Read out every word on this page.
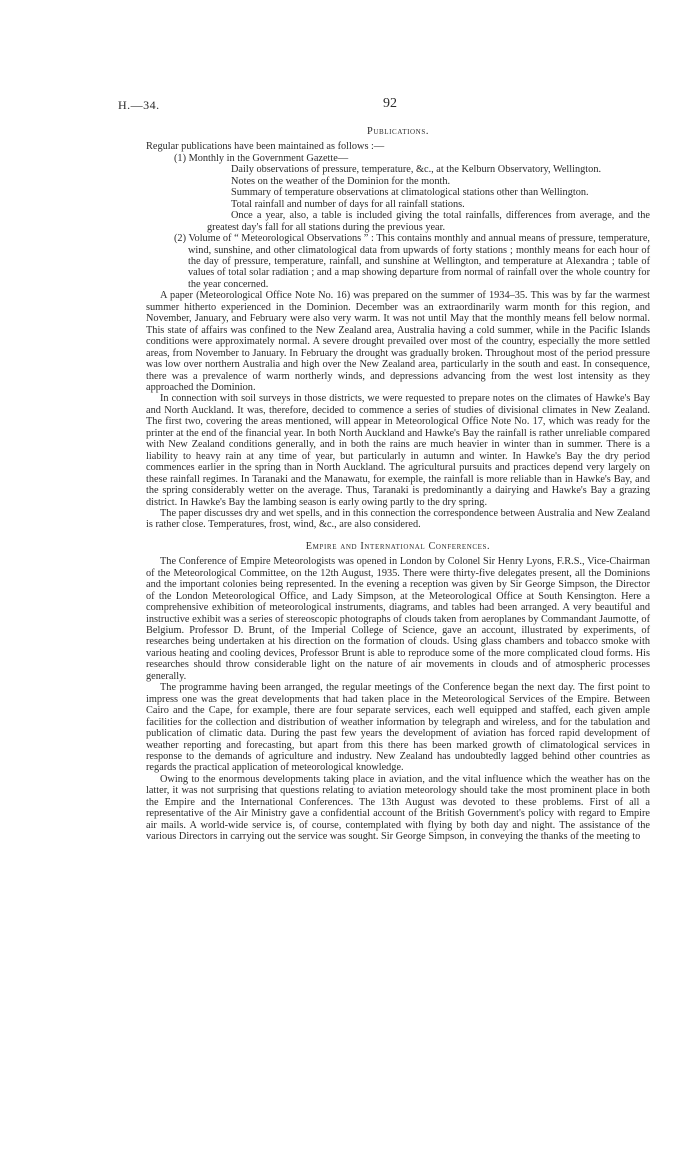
H.—34.	92
Publications.

Regular publications have been maintained as follows :—

(1) Monthly in the Government Gazette—

Daily observations of pressure, temperature, &c., at the Kelburn Observatory, Wellington.

Notes on the weather of the Dominion for the month.

Summary of temperature observations at climatological stations other than Wellington.

Total rainfall and number of days for all rainfall stations.

Once a year, also, a table is included giving the total rainfalls, differences from average, and the greatest day's fall for all stations during the previous year.

(2) Volume of “ Meteorological Observations ” : This contains monthly and annual means of pressure, temperature, wind, sunshine, and other climatological data from upwards of forty stations ; monthly means for each hour of the day of pressure, temperature, rainfall, and sunshine at Wellington, and temperature at Alexandra ; table of values of total solar radiation ; and a map showing departure from normal of rainfall over the whole country for the year concerned.

A paper (Meteorological Office Note No. 16) was prepared on the summer of 1934–35. This was by far the warmest summer hitherto experienced in the Dominion. December was an extraordinarily warm month for this region, and November, January, and February were also very warm. It was not until May that the monthly means fell below normal. This state of affairs was confined to the New Zealand area, Australia having a cold summer, while in the Pacific Islands conditions were approximately normal. A severe drought prevailed over most of the country, especially the more settled areas, from November to January. In February the drought was gradually broken. Throughout most of the period pressure was low over northern Australia and high over the New Zealand area, particularly in the south and east. In consequence, there was a prevalence of warm northerly winds, and depressions advancing from the west lost intensity as they approached the Dominion.

In connection with soil surveys in those districts, we were requested to prepare notes on the climates of Hawke's Bay and North Auckland. It was, therefore, decided to commence a series of studies of divisional climates in New Zealand. The first two, covering the areas mentioned, will appear in Meteorological Office Note No. 17, which was ready for the printer at the end of the financial year. In both North Auckland and Hawke's Bay the rainfall is rather unreliable compared with New Zealand conditions generally, and in both the rains are much heavier in winter than in summer. There is a liability to heavy rain at any time of year, but particularly in autumn and winter. In Hawke's Bay the dry period commences earlier in the spring than in North Auckland. The agricultural pursuits and practices depend very largely on these rainfall regimes. In Taranaki and the Manawatu, for exemple, the rainfall is more reliable than in Hawke's Bay, and the spring considerably wetter on the average. Thus, Taranaki is predominantly a dairying and Hawke's Bay a grazing district. In Hawke's Bay the lambing season is early owing partly to the dry spring.

The paper discusses dry and wet spells, and in this connection the correspondence between Australia and New Zealand is rather close. Temperatures, frost, wind, &c., are also considered.

Empire and International Conferences.

The Conference of Empire Meteorologists was opened in London by Colonel Sir Henry Lyons, F.R.S., Vice-Chairman of the Meteorological Committee, on the 12th August, 1935. There were thirty-five delegates present, all the Dominions and the important colonies being represented. In the evening a reception was given by Sir George Simpson, the Director of the London Meteorological Office, and Lady Simpson, at the Meteorological Office at South Kensington. Here a comprehensive exhibition of meteorological instruments, diagrams, and tables had been arranged. A very beautiful and instructive exhibit was a series of stereoscopic photographs of clouds taken from aeroplanes by Commandant Jaumotte, of Belgium. Professor D. Brunt, of the Imperial College of Science, gave an account, illustrated by experiments, of researches being undertaken at his direction on the formation of clouds. Using glass chambers and tobacco smoke with various heating and cooling devices, Professor Brunt is able to reproduce some of the more complicated cloud forms. His researches should throw considerable light on the nature of air movements in clouds and of atmospheric processes generally.

The programme having been arranged, the regular meetings of the Conference began the next day. The first point to impress one was the great developments that had taken place in the Meteorological Services of the Empire. Between Cairo and the Cape, for example, there are four separate services, each well equipped and staffed, each given ample facilities for the collection and distribution of weather information by telegraph and wireless, and for the tabulation and publication of climatic data. During the past few years the development of aviation has forced rapid development of weather reporting and forecasting, but apart from this there has been marked growth of climatological services in response to the demands of agriculture and industry. New Zealand has undoubtedly lagged behind other countries as regards the practical application of meteorological knowledge.

Owing to the enormous developments taking place in aviation, and the vital influence which the weather has on the latter, it was not surprising that questions relating to aviation meteorology should take the most prominent place in both the Empire and the International Conferences. The 13th August was devoted to these problems. First of all a representative of the Air Ministry gave a confidential account of the British Government's policy with regard to Empire air mails. A world-wide service is, of course, contemplated with flying by both day and night. The assistance of the various Directors in carrying out the service was sought. Sir George Simpson, in conveying the thanks of the meeting to
